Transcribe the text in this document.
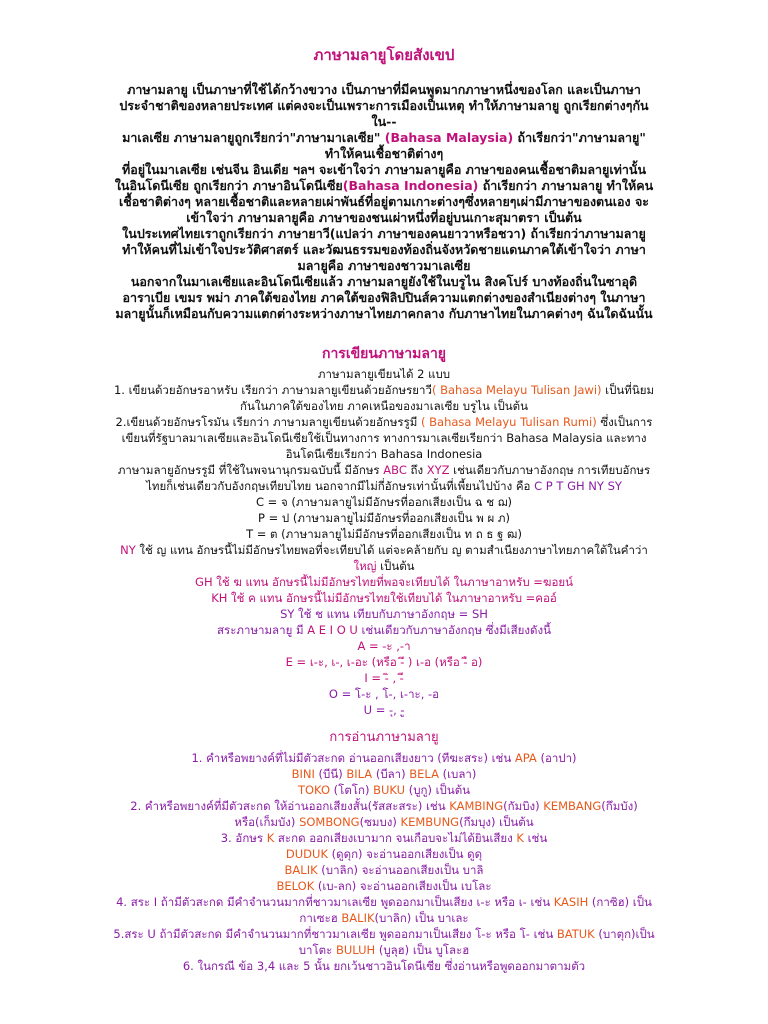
ภาษามลายูโดยสังเขป

ภาษามลายู เป็นภาษาที่ใช้ได้กว้างขวาง เป็นภาษาที่มีคนพูดมากภาษาหนึ่งของโลก และเป็นภาษาประจำชาติของหลายประเทศ แต่คงจะเป็นเพราะการเมืองเป็นเหตุ ทำให้ภาษามลายู ถูกเรียกต่างๆกันใน--

มาเลเซีย ภาษามลายูถูกเรียกว่า"ภาษามาเลเซีย" (Bahasa Malaysia) ถ้าเรียกว่า"ภาษามลายู" ทำให้คนเชื้อชาติต่างๆ

ที่อยู่ในมาเลเซีย เช่นจีน อินเดีย ฯลฯ จะเข้าใจว่า ภาษามลายูคือ ภาษาของคนเชื้อชาติมลายูเท่านั้น

ในอินโดนีเซีย ถูกเรียกว่า ภาษาอินโดนีเซีย(Bahasa Indonesia) ถ้าเรียกว่า ภาษามลายู ทำให้คนเชื้อชาติต่างๆ หลายเชื้อชาติและหลายเผ่าพันธ์ที่อยู่ตามเกาะต่างๆซึ่งหลายๆเผ่ามีภาษาของตนเอง จะเข้าใจว่า ภาษามลายูคือ ภาษาของชนเผ่าหนึ่งที่อยู่บนเกาะสุมาตรา เป็นต้น

ในประเทศไทยเราถูกเรียกว่า ภาษายาวี(แปลว่า ภาษาของคนยาวาหรือชวา) ถ้าเรียกว่าภาษามลายู ทำให้คนที่ไม่เข้าใจประวัติศาสตร์ และวัฒนธรรมของท้องถิ่นจังหวัดชายแดนภาคใต้เข้าใจว่า ภาษามลายูคือ ภาษาของชาวมาเลเซีย

นอกจากในมาเลเซียและอินโดนีเซียแล้ว ภาษามลายูยังใช้ในบรูไน สิงคโปร์ บางท้องถิ่นในซาอุดิอาราเบีย เขมร พม่า ภาคใต้ของไทย ภาคใต้ของฟิลิปปินส์ความแตกต่างของสำเนียงต่างๆ ในภาษามลายูนั้นก็เหมือนกับความแตกต่างระหว่างภาษาไทยภาคกลาง กับภาษาไทยในภาคต่างๆ ฉันใดฉันนั้น

การเขียนภาษามลายู

ภาษามลายูเขียนได้ 2 แบบ

1. เขียนด้วยอักษรอาหรับ เรียกว่า ภาษามลายูเขียนด้วยอักษรยาวี( Bahasa Melayu Tulisan Jawi) เป็นที่นิยมกันในภาคใต้ของไทย ภาคเหนือของมาเลเซีย บรูไน เป็นต้น

2.เขียนด้วยอักษรโรมัน เรียกว่า ภาษามลายูเขียนด้วยอักษรรูมี ( Bahasa Melayu Tulisan Rumi) ซึ่งเป็นการเขียนที่รัฐบาลมาเลเซียและอินโดนีเซียใช้เป็นทางการ ทางการมาเลเซียเรียกว่า Bahasa Malaysia และทางอินโดนีเซียเรียกว่า Bahasa Indonesia

ภาษามลายูอักษรรูมี ที่ใช้ในพจนานุกรมฉบับนี้ มีอักษร ABC ถึง XYZ เช่นเดียวกับภาษาอังกฤษ การเทียบอักษรไทยก็เช่นเดียวกับอังกฤษเทียบไทย นอกจากมีไม่กี่อักษรเท่านั้นที่เพี้ยนไปบ้าง คือ C P T GH NY SY

C = จ (ภาษามลายูไม่มีอักษรที่ออกเสียงเป็น ฉ ช ฌ)

P = ป (ภาษามลายูไม่มีอักษรที่ออกเสียงเป็น พ ผ ภ)

T = ต (ภาษามลายูไม่มีอักษรที่ออกเสียงเป็น ท ถ ธ ฐ ฒ)

NY ใช้ ญ แทน อักษรนี้ไม่มีอักษรไทยพอที่จะเทียบได้ แต่จะคล้ายกับ ญ ตามสำเนียงภาษาไทยภาคใต้ในคำว่า ใหญ่ เป็นต้น

GH ใช้ ฆ แทน อักษรนี้ไม่มีอักษรไทยที่พอจะเทียบได้ ในภาษาอาหรับ =ฆอยน์

KH ใช้ ค แทน อักษรนี้ไม่มีอักษรไทยใช้เทียบได้ ในภาษาอาหรับ =คออ์

SY ใช้ ช แทน เทียบกับภาษาอังกฤษ = SH

สระภาษามลายู มี A E I O U เช่นเดียวกับภาษาอังกฤษ ซึ่งมีเสียงดังนี้

A = -ะ ,-า

E = เ-ะ, เ-, เ-อะ (หรือ -ึ ) เ-อ (หรือ -ื อ)

I = -ิ , -ี

O = โ-ะ , โ-, เ-าะ, -อ

U = -ุ, -ู

การอ่านภาษามลายู

1. คำหรือพยางค์ที่ไม่มีตัวสะกด อ่านออกเสียงยาว (ทีฆะสระ) เช่น APA (อาปา)

BINI (บีนี) BILA (บีลา) BELA (เบลา)

TOKO (โตโก) BUKU (บูกู) เป็นต้น

2. คำหรือพยางค์ที่มีตัวสะกด ให้อ่านออกเสียงสั้น(รัสสะสระ) เช่น KAMBING(กัมบิง) KEMBANG(กึมบัง) หรือ(เก็มบัง) SOMBONG(ซมบง) KEMBUNG(กึมบุง) เป็นต้น

3. อักษร K สะกด ออกเสียงเบามาก จนเกือบจะไม่ได้ยินเสียง K เช่น

DUDUK (ดูดุก) จะอ่านออกเสียงเป็น ดูดุ

BALIK (บาลิก) จะอ่านออกเสียงเป็น บาลิ

BELOK (เบ-ลก) จะอ่านออกเสียงเป็น เบโละ

4. สระ I ถ้ามีตัวสะกด มีคำจำนวนมากที่ชาวมาเลเซีย พูดออกมาเป็นเสียง เ-ะ หรือ เ- เช่น KASIH (กาซิฮ) เป็น กาเซะฮ BALIK(บาลิก) เป็น บาเละ

5.สระ U ถ้ามีตัวสะกด มีคำจำนวนมากที่ชาวมาเลเซีย พูดออกมาเป็นเสียง โ-ะ หรือ โ- เช่น BATUK (บาตุก)เป็น บาโตะ BULUH (บูลุฮ) เป็น บูโละฮ

6. ในกรณี ข้อ 3,4 และ 5 นั้น ยกเว้นชาวอินโดนีเซีย ซึ่งอ่านหรือพูดออกมาตามตัว
